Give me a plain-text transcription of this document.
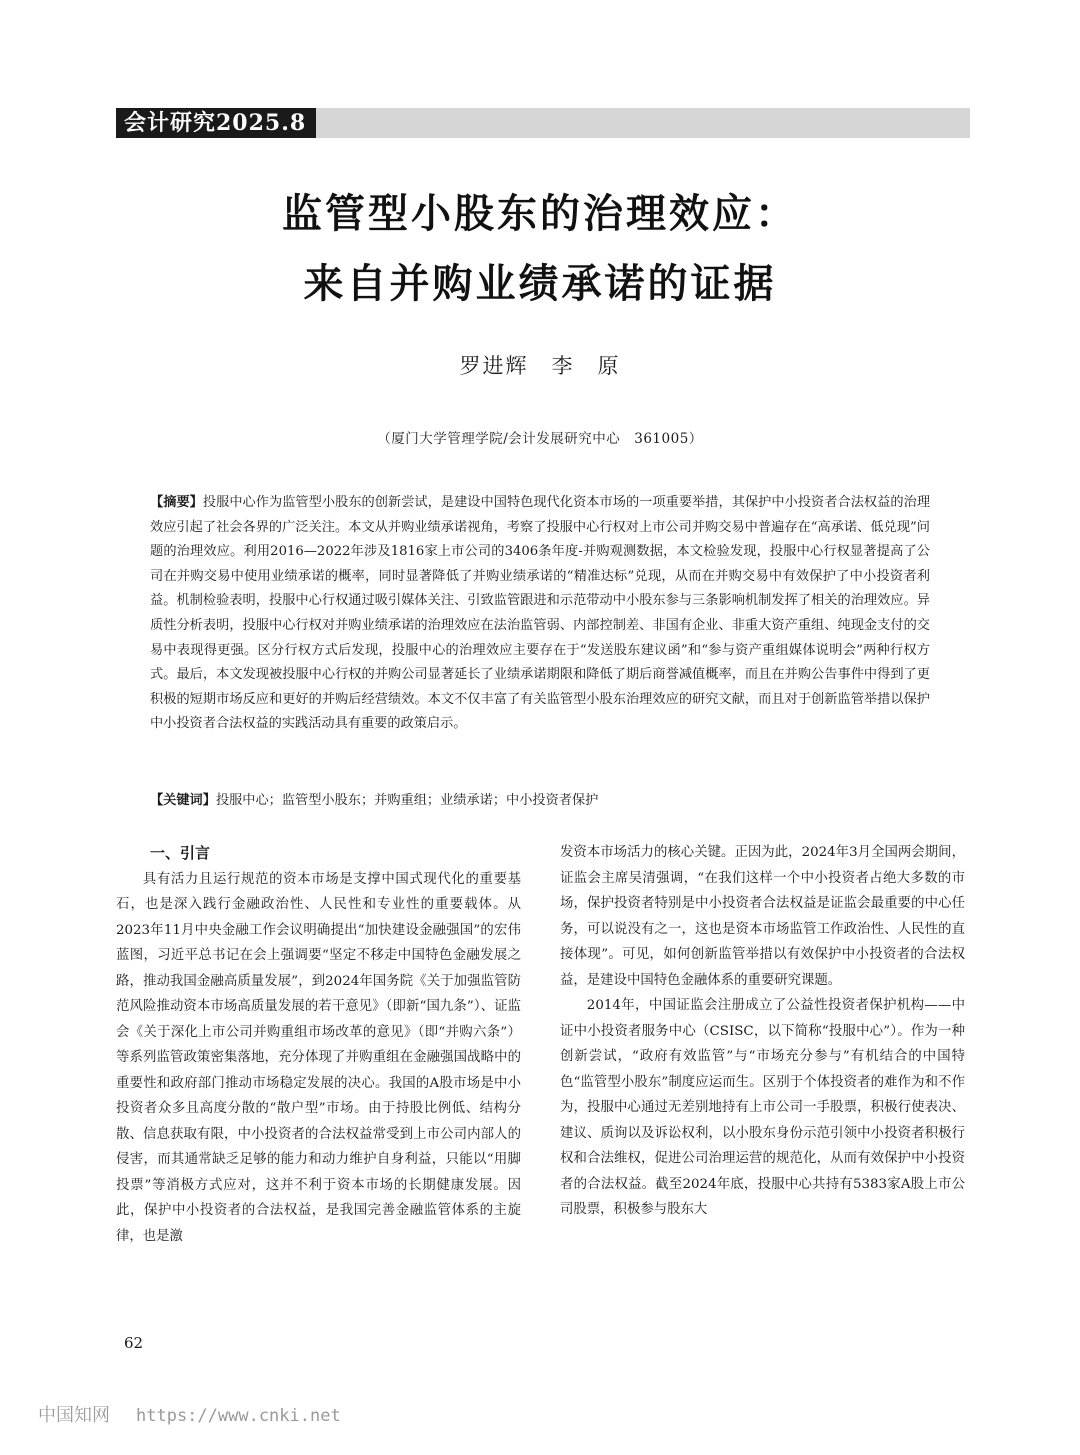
会计研究2025.8
监管型小股东的治理效应：
来自并购业绩承诺的证据
罗进辉　李　原
（厦门大学管理学院/会计发展研究中心　361005）
【摘要】投服中心作为监管型小股东的创新尝试，是建设中国特色现代化资本市场的一项重要举措，其保护中小投资者合法权益的治理效应引起了社会各界的广泛关注。本文从并购业绩承诺视角，考察了投服中心行权对上市公司并购交易中普遍存在“高承诺、低兑现”问题的治理效应。利用2016—2022年涉及1816家上市公司的3406条年度-并购观测数据，本文检验发现，投服中心行权显著提高了公司在并购交易中使用业绩承诺的概率，同时显著降低了并购业绩承诺的“精准达标”兑现，从而在并购交易中有效保护了中小投资者利益。机制检验表明，投服中心行权通过吸引媒体关注、引致监管跟进和示范带动中小股东参与三条影响机制发挥了相关的治理效应。异质性分析表明，投服中心行权对并购业绩承诺的治理效应在法治监管弱、内部控制差、非国有企业、非重大资产重组、纯现金支付的交易中表现得更强。区分行权方式后发现，投服中心的治理效应主要存在于“发送股东建议函”和“参与资产重组媒体说明会”两种行权方式。最后，本文发现被投服中心行权的并购公司显著延长了业绩承诺期限和降低了期后商誉减值概率，而且在并购公告事件中得到了更积极的短期市场反应和更好的并购后经营绩效。本文不仅丰富了有关监管型小股东治理效应的研究文献，而且对于创新监管举措以保护中小投资者合法权益的实践活动具有重要的政策启示。
【关键词】投服中心；监管型小股东；并购重组；业绩承诺；中小投资者保护
一、引言

具有活力且运行规范的资本市场是支撑中国式现代化的重要基石，也是深入践行金融政治性、人民性和专业性的重要载体。从2023年11月中央金融工作会议明确提出“加快建设金融强国”的宏伟蓝图，习近平总书记在会上强调要“坚定不移走中国特色金融发展之路，推动我国金融高质量发展”，到2024年国务院《关于加强监管防范风险推动资本市场高质量发展的若干意见》（即新“国九条”）、证监会《关于深化上市公司并购重组市场改革的意见》（即“并购六条”）等系列监管政策密集落地，充分体现了并购重组在金融强国战略中的重要性和政府部门推动市场稳定发展的决心。我国的A股市场是中小投资者众多且高度分散的“散户型”市场。由于持股比例低、结构分散、信息获取有限，中小投资者的合法权益常受到上市公司内部人的侵害，而其通常缺乏足够的能力和动力维护自身利益，只能以“用脚投票”等消极方式应对，这并不利于资本市场的长期健康发展。因此，保护中小投资者的合法权益，是我国完善金融监管体系的主旋律，也是激

发资本市场活力的核心关键。正因为此，2024年3月全国两会期间，证监会主席吴清强调，“在我们这样一个中小投资者占绝大多数的市场，保护投资者特别是中小投资者合法权益是证监会最重要的中心任务，可以说没有之一，这也是资本市场监管工作政治性、人民性的直接体现”。可见，如何创新监管举措以有效保护中小投资者的合法权益，是建设中国特色金融体系的重要研究课题。

2014年，中国证监会注册成立了公益性投资者保护机构——中证中小投资者服务中心（CSISC，以下简称“投服中心”）。作为一种创新尝试，“政府有效监管”与“市场充分参与”有机结合的中国特色“监管型小股东”制度应运而生。区别于个体投资者的难作为和不作为，投服中心通过无差别地持有上市公司一手股票，积极行使表决、建议、质询以及诉讼权利，以小股东身份示范引领中小投资者积极行权和合法维权，促进公司治理运营的规范化，从而有效保护中小投资者的合法权益。截至2024年底，投服中心共持有5383家A股上市公司股票，积极参与股东大

62
中国知网 https://www.cnki.net
